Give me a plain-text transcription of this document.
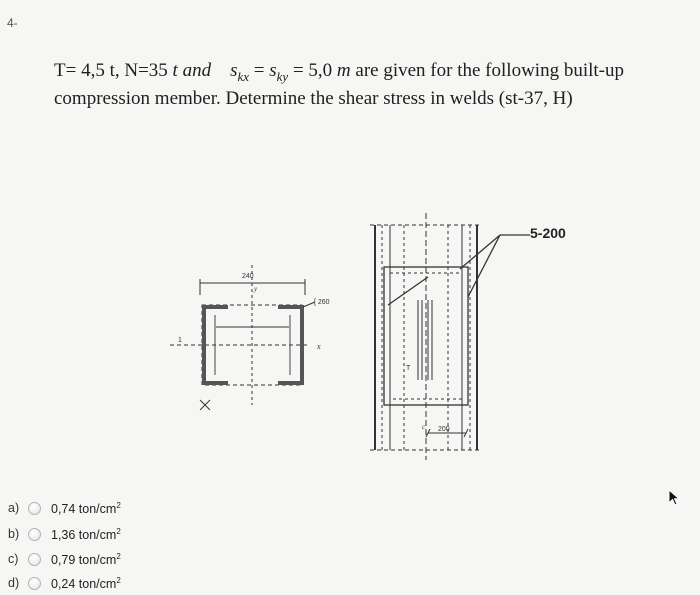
4-
T= 4,5 t, N=35 t and $s_{kx} = s_{ky} = 5,0$ m are given for the following built-up
compression member. Determine the shear stress in welds (st-37, H)
240
[ 260
x
y
1
5-200
200
c
T
a)	0,74 ton/$cm^2$
b)	1,36 ton/$cm^2$
c)	0,79 ton/$cm^2$
d)	0,24 ton/$cm^2$
